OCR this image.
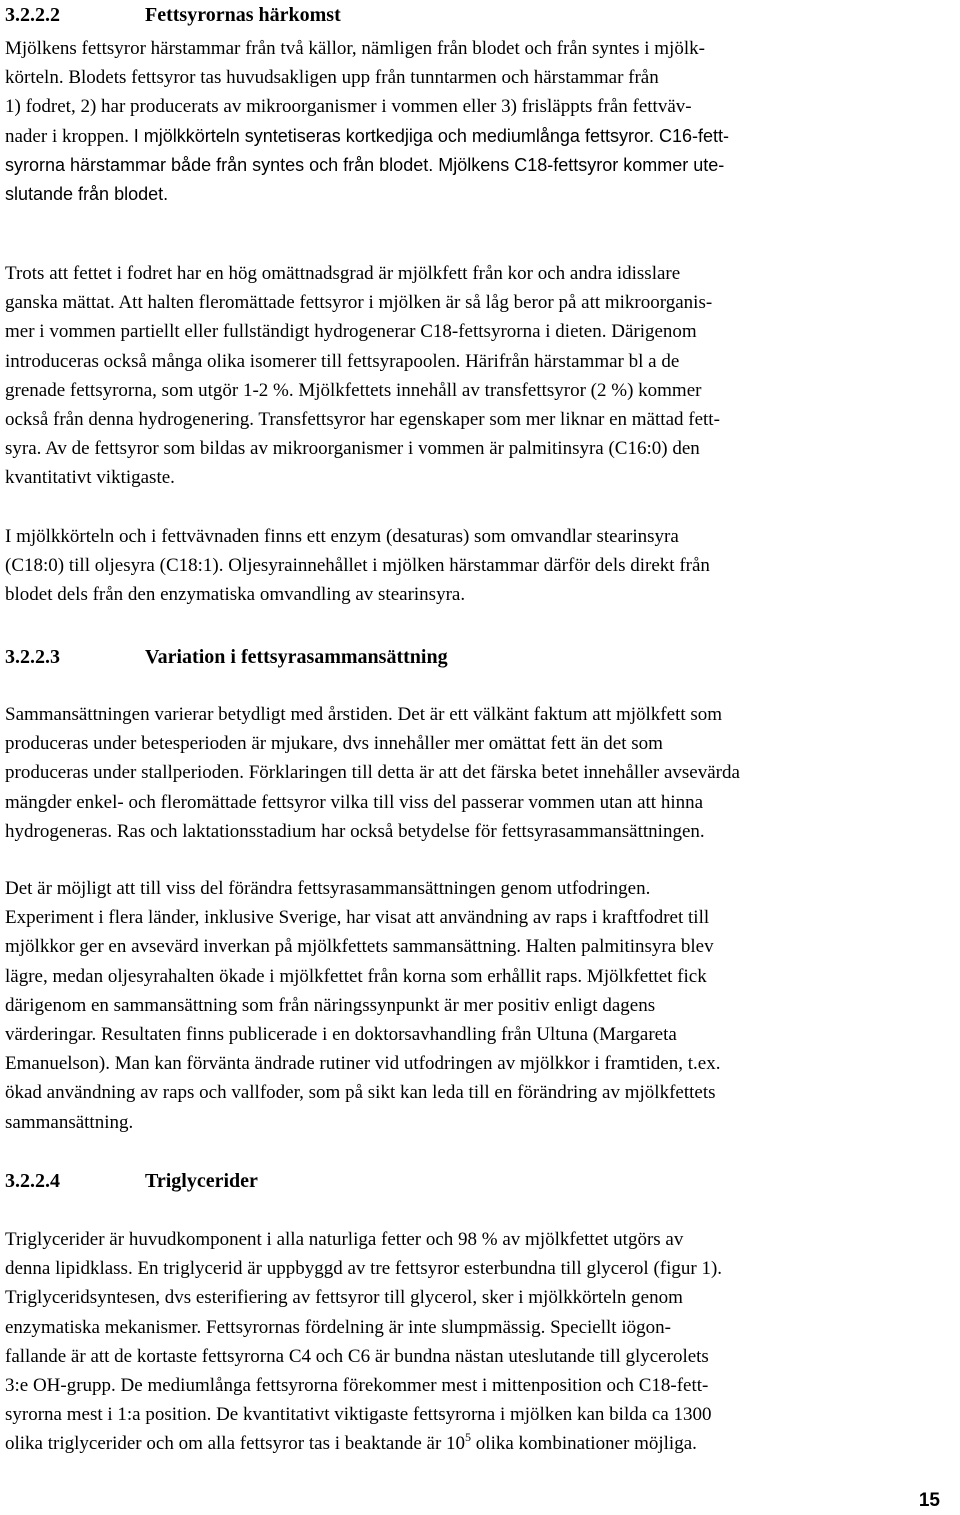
3.2.2.2	Fettsyrornas härkomst
Mjölkens fettsyror härstammar från två källor, nämligen från blodet och från syntes i mjölk-
körteln. Blodets fettsyror tas huvudsakligen upp från tunntarmen och härstammar från
1) fodret, 2) har producerats av mikroorganismer i vommen eller 3) frisläppts från fettväv-
nader i kroppen. I mjölkkörteln syntetiseras kortkedjiga och mediumlånga fettsyror. C16-fett-
syrorna härstammar både från syntes och från blodet. Mjölkens C18-fettsyror kommer ute-
slutande från blodet.
Trots att fettet i fodret har en hög omättnadsgrad är mjölkfett från kor och andra idisslare
ganska mättat. Att halten fleromättade fettsyror i mjölken är så låg beror på att mikroorganis-
mer i vommen partiellt eller fullständigt hydrogenerar C18-fettsyrorna i dieten. Därigenom
introduceras också många olika isomerer till fettsyrapoolen. Härifrån härstammar bl a de
grenade fettsyrorna, som utgör 1-2 %. Mjölkfettets innehåll av transfettsyror (2 %) kommer
också från denna hydrogenering. Transfettsyror har egenskaper som mer liknar en mättad fett-
syra. Av de fettsyror som bildas av mikroorganismer i vommen är palmitinsyra (C16:0) den
kvantitativt viktigaste.
I mjölkkörteln och i fettvävnaden finns ett enzym (desaturas) som omvandlar stearinsyra
(C18:0) till oljesyra (C18:1). Oljesyrainnehållet i mjölken härstammar därför dels direkt från
blodet dels från den enzymatiska omvandling av stearinsyra.
3.2.2.3	Variation i fettsyrasammansättning
Sammansättningen varierar betydligt med årstiden. Det är ett välkänt faktum att mjölkfett som
produceras under betesperioden är mjukare, dvs innehåller mer omättat fett än det som
produceras under stallperioden. Förklaringen till detta är att det färska betet innehåller avsevärda
mängder enkel- och fleromättade fettsyror vilka till viss del passerar vommen utan att hinna
hydrogeneras. Ras och laktationsstadium har också betydelse för fettsyrasammansättningen.
Det är möjligt att till viss del förändra fettsyrasammansättningen genom utfodringen.
Experiment i flera länder, inklusive Sverige, har visat att användning av raps i kraftfodret till
mjölkkor ger en avsevärd inverkan på mjölkfettets sammansättning. Halten palmitinsyra blev
lägre, medan oljesyrahalten ökade i mjölkfettet från korna som erhållit raps. Mjölkfettet fick
därigenom en sammansättning som från näringssynpunkt är mer positiv enligt dagens
värderingar. Resultaten finns publicerade i en doktorsavhandling från Ultuna (Margareta
Emanuelson). Man kan förvänta ändrade rutiner vid utfodringen av mjölkkor i framtiden, t.ex.
ökad användning av raps och vallfoder, som på sikt kan leda till en förändring av mjölkfettets
sammansättning.
3.2.2.4	Triglycerider
Triglycerider är huvudkomponent i alla naturliga fetter och 98 % av mjölkfettet utgörs av
denna lipidklass. En triglycerid är uppbyggd av tre fettsyror esterbundna till glycerol (figur 1).
Triglyceridsyntesen, dvs esterifiering av fettsyror till glycerol, sker i mjölkkörteln genom
enzymatiska mekanismer. Fettsyrornas fördelning är inte slumpmässig. Speciellt iögon-
fallande är att de kortaste fettsyrorna C4 och C6 är bundna nästan uteslutande till glycerolets
3:e OH-grupp. De mediumlånga fettsyrorna förekommer mest i mittenposition och C18-fett-
syrorna mest i 1:a position. De kvantitativt viktigaste fettsyrorna i mjölken kan bilda ca 1300
olika triglycerider och om alla fettsyror tas i beaktande är $10^5$ olika kombinationer möjliga.
15
